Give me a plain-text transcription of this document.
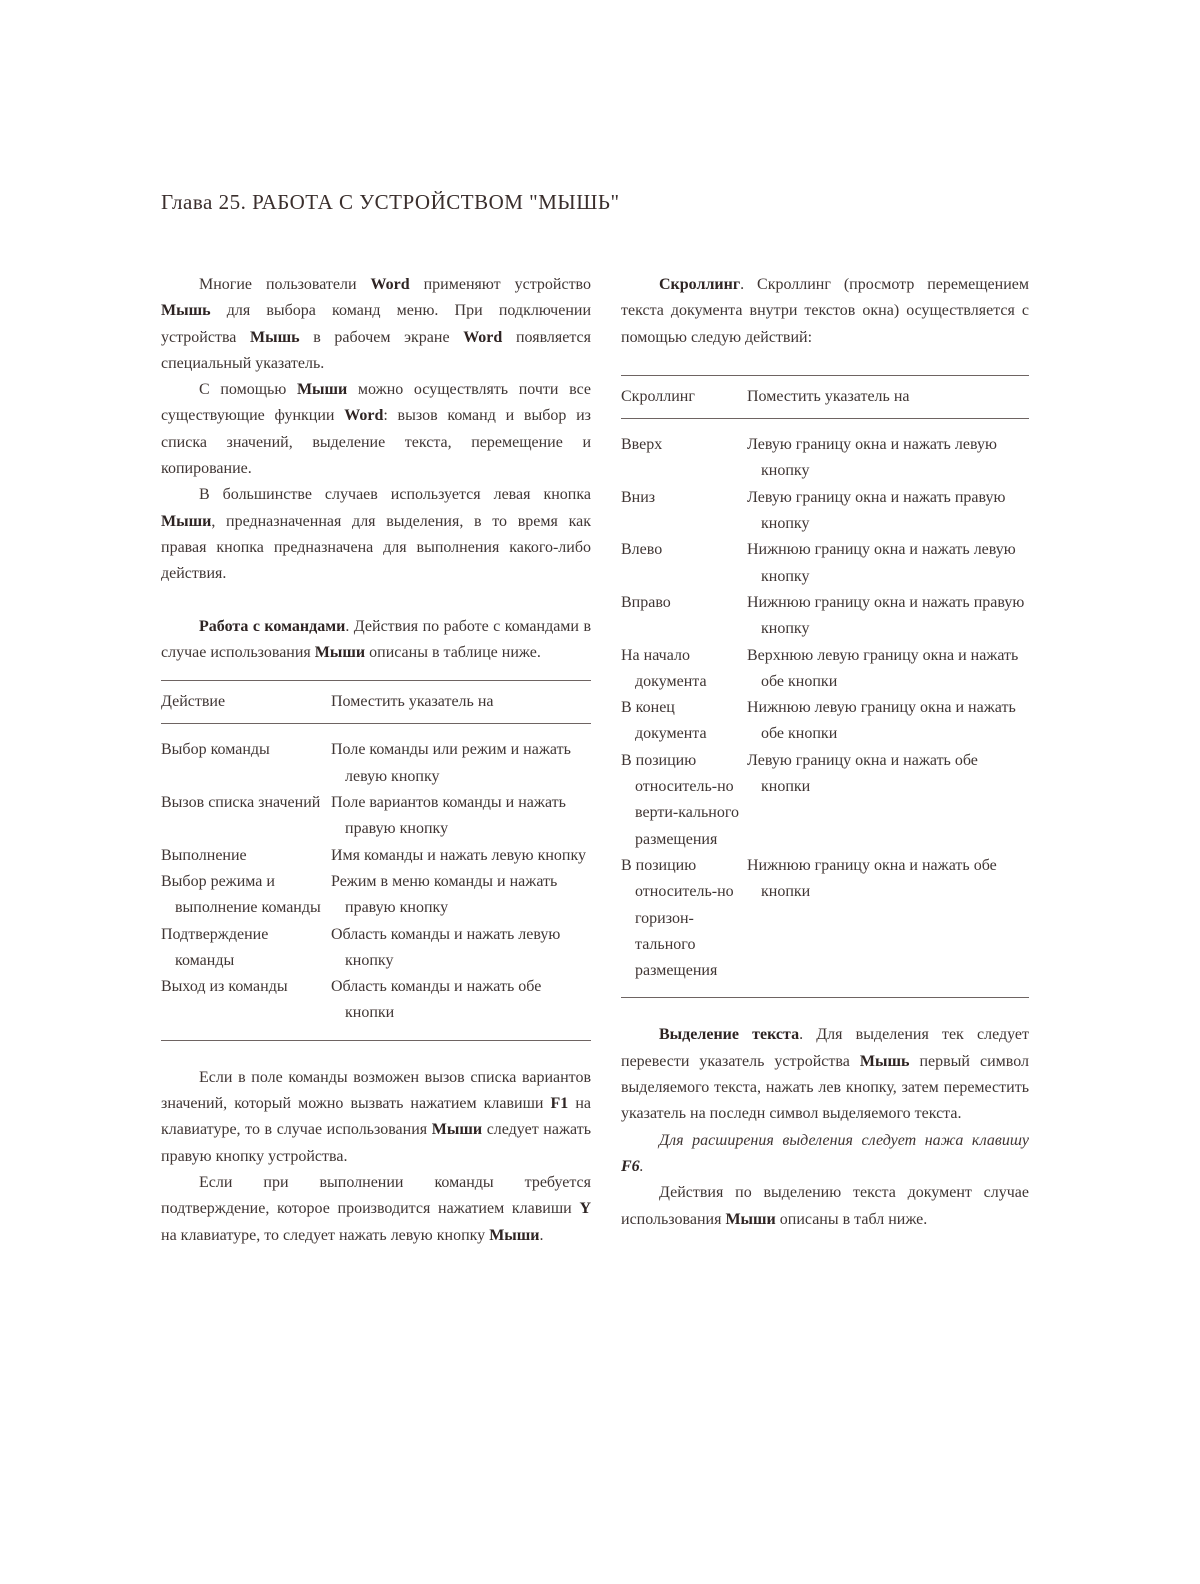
Глава 25. РАБОТА С УСТРОЙСТВОМ "МЫШЬ"

Многие пользователи Word применяют устройство Мышь для выбора команд меню. При подключении устройства Мышь в рабочем экране Word появляется специальный указатель.

С помощью Мыши можно осуществлять почти все существующие функции Word: вызов команд и выбор из списка значений, выделение текста, перемещение и копирование.

В большинстве случаев используется левая кнопка Мыши, предназначенная для выделения, в то время как правая кнопка предназначена для выполнения какого-либо действия.

Работа с командами. Действия по работе с командами в случае использования Мыши описаны в таблице ниже.

Действие	Поместить указатель на

Выбор команды	Поле команды или режим и нажать левую кнопку
Вызов списка значений	Поле вариантов команды и нажать правую кнопку
Выполнение	Имя команды и нажать левую кнопку
Выбор режима и выполнение команды	Режим в меню команды и нажать правую кнопку
Подтверждение команды	Область команды и нажать левую кнопку
Выход из команды	Область команды и нажать обе кнопки

Если в поле команды возможен вызов списка вариантов значений, который можно вызвать нажатием клавиши F1 на клавиатуре, то в случае использования Мыши следует нажать правую кнопку устройства.

Если при выполнении команды требуется подтверждение, которое производится нажатием клавиши Y на клавиатуре, то следует нажать левую кнопку Мыши.

Скроллинг. Скроллинг (просмотр перемещением текста документа внутри текстов окна) осуществляется с помощью следую действий:

Скроллинг	Поместить указатель на

Вверх	Левую границу окна и нажать левую кнопку
Вниз	Левую границу окна и нажать правую кнопку
Влево	Нижнюю границу окна и нажать левую кнопку
Вправо	Нижнюю границу окна и нажать правую кнопку
На начало документа	Верхнюю левую границу окна и нажать обе кнопки
В конец документа	Нижнюю левую границу окна и нажать обе кнопки
В позицию относитель-но верти-кального размещения	Левую границу окна и нажать обе кнопки
В позицию относитель-но горизон-тального размещения	Нижнюю границу окна и нажать обе кнопки

Выделение текста. Для выделения тек следует перевести указатель устройства Мышь первый символ выделяемого текста, нажать лев кнопку, затем переместить указатель на последн символ выделяемого текста.

Для расширения выделения следует нажа клавишу F6.

Действия по выделению текста документ случае использования Мыши описаны в табл ниже.
